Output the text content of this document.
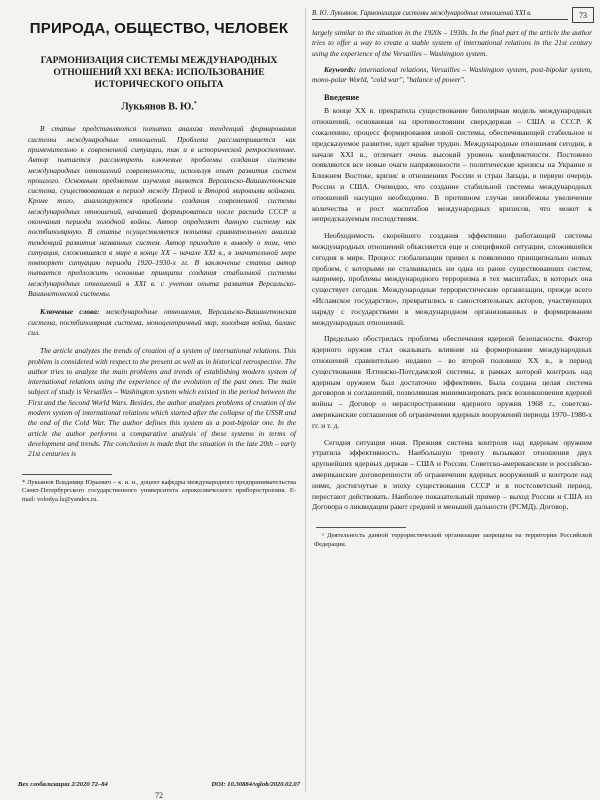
ПРИРОДА, ОБЩЕСТВО, ЧЕЛОВЕК
ГАРМОНИЗАЦИЯ СИСТЕМЫ МЕЖДУНАРОДНЫХ ОТНОШЕНИЙ XXI ВЕКА: ИСПОЛЬЗОВАНИЕ ИСТОРИЧЕСКОГО ОПЫТА
Лукьянов В. Ю.*
В статье представляются попытки анализа тенденций формирования системы международных отношений. Проблема рассматривается как применительно к современной ситуации, так и в исторической ретроспективе. Автор пытается рассмотреть ключевые проблемы создания системы международных отношений современности, используя опыт развития систем прошлого. Основным предметом изучения является Версальско-Вашингтонская система, существовавшая в период между Первой и Второй мировыми войнами. Кроме того, анализируются проблемы создания современной системы международных отношений, начавшей формироваться после распада СССР и окончания периода холодной войны. Автор определяет данную систему как постбиполярную. В статье осуществляется попытка сравнительного анализа тенденций развития названных систем. Автор приходит к выводу о том, что ситуация, сложившаяся в мире в конце XX – начале XXI в., в значительной мере повторяет ситуацию периода 1920–1930-х гг. В заключение статьи автор пытается предложить основные принципы создания стабильной системы международных отношений в XXI в. с учетом опыта развития Версальско-Вашингтонской системы.
Ключевые слова: международные отношения, Версальско-Вашингтонская система, постбиполярная система, моноцентричный мир, холодная война, баланс сил.
The article analyzes the trends of creation of a system of international relations. This problem is considered with respect to the present as well as in historical retrospective. The author tries to analyze the main problems and trends of establishing modern system of international relations using the experience of the evolution of the past ones. The main subject of study is Versailles – Washington system which existed in the period between the First and the Second World Wars. Besides, the author analyzes problems of creation of the modern system of international relations which started after the collapse of the USSR and the end of the Cold War. The author defines this system as a post-bipolar one. In the article the author performs a comparative analysis of these systems in terms of development and trends. The conclusion is made that the situation in the late 20th – early 21st centuries is
* Лукьянов Владимир Юрьевич – к. и. н., доцент кафедры международного предпринимательства Санкт-Петербургского государственного университета аэрокосмического приборостроения. E-mail: volodya.lu@yandex.ru.
Вех глобализации 2/2020 72–84	DOI: 10.30884/vglob/2020.02.07
72
В. Ю. Лукьянов. Гармонизация системы международных отношений XXI в.	73
largely similar to the situation in the 1920s – 1930s. In the final part of the article the author tries to offer a way to create a stable system of international relations in the 21st century using the experience of the Versailles – Washington system.
Keywords: international relations, Versailles – Washington system, post-bipolar system, mono-polar World, "cold war", "balance of power".
Введение

В конце XX в. прекратила существование биполярная модель международных отношений, основанная на противостоянии сверхдержав – США и СССР. К сожалению, процесс формирования новой системы, обеспечивающей стабильное и предсказуемое развитие, идет крайне трудно. Международные отношения сегодня, в начале XXI в., отличает очень высокий уровень конфликтности. Постоянно появляются все новые очаги напряженности – политические кризисы на Украине и Ближнем Востоке, кризис в отношениях России и стран Запада, в первую очередь России и США. Очевидно, что создание стабильной системы международных отношений насущно необходимо. В противном случае неизбежны увеличение количества и рост масштабов международных кризисов, что может к непредсказуемым последствиям.

Необходимость скорейшего создания эффективно работающей системы международных отношений объясняется еще и спецификой ситуации, сложившейся сегодня в мире. Процесс глобализации привел к появлению принципиально новых проблем, с которыми не сталкивались ни одна из ранее существовавших систем, например, проблемы международного терроризма в тех масштабах, в которых она существует сегодня. Международные террористические организации, прежде всего «Исламское государство», превратились в самостоятельных акторов, участвующих наряду с государствами в международном организованных в формировании международных отношений.

Предельно обострилась проблема обеспечения ядерной безопасности. Фактор ядерного оружия стал оказывать влияние на формирование международных отношений сравнительно недавно – во второй половине XX в., в период существования Ялтинско-Потсдамской системы, в рамках которой контроль над ядерным оружием был достаточно эффективен. Была создана целая система договоров и соглашений, позволявшая минимизировать риск возникновения ядерной войны – Договор о нераспространении ядерного оружия 1968 г., советско-американские соглашения об ограничении ядерных вооружений периода 1970–1980-х гг. и т. д.

Сегодня ситуация иная. Прежняя система контроля над ядерным оружием утратила эффективность. Наибольшую тревогу вызывают отношения двух крупнейших ядерных держав – США и России. Советско-американские и российско-американские договоренности об ограничении ядерных вооружений и контроле над ними, достигнутые в эпоху существования СССР и в постсоветский период, перестают действовать. Наиболее показательный пример – выход России и США из Договора о ликвидации ракет средней и меньшей дальности (РСМД). Договор,

¹ Деятельность данной террористической организации запрещена на территории Российской Федерации.
